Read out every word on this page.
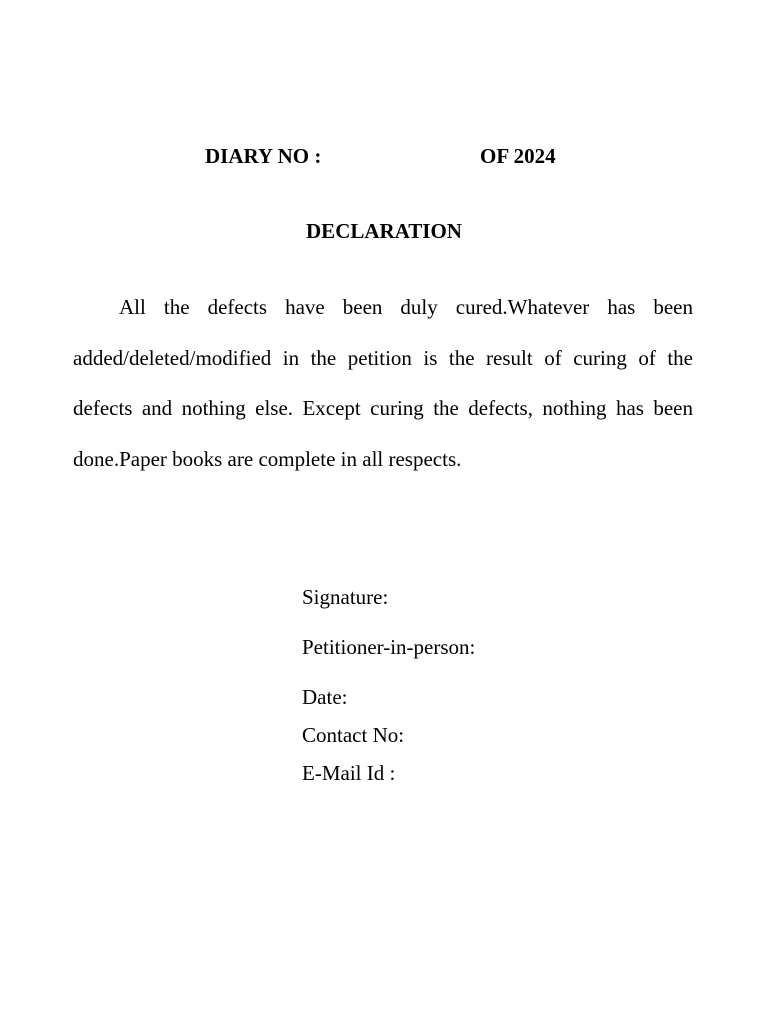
DIARY NO :	OF 2024
DECLARATION

All the defects have been duly cured.Whatever has been added/deleted/modified in the petition is the result of curing of the defects and nothing else. Except curing the defects, nothing has been done.Paper books are complete in all respects.

Signature:
Petitioner-in-person:
Date:
Contact No:
E-Mail Id :
